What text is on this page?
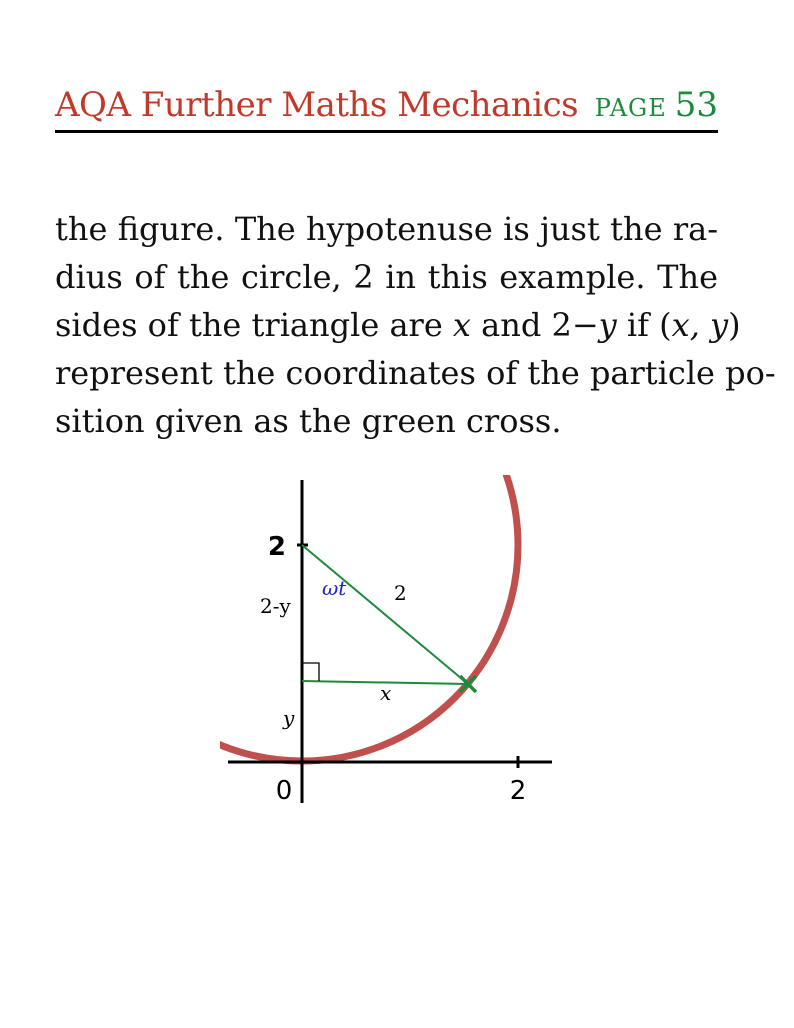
AQA Further Maths Mechanics PAGE 53
the figure. The hypotenuse is just the ra-
dius of the circle, 2 in this example. The
sides of the triangle are x and 2−y if (x, y)
represent the coordinates of the particle po-
sition given as the green cross.
2
2
0
ωt 2
2-y
y
x
